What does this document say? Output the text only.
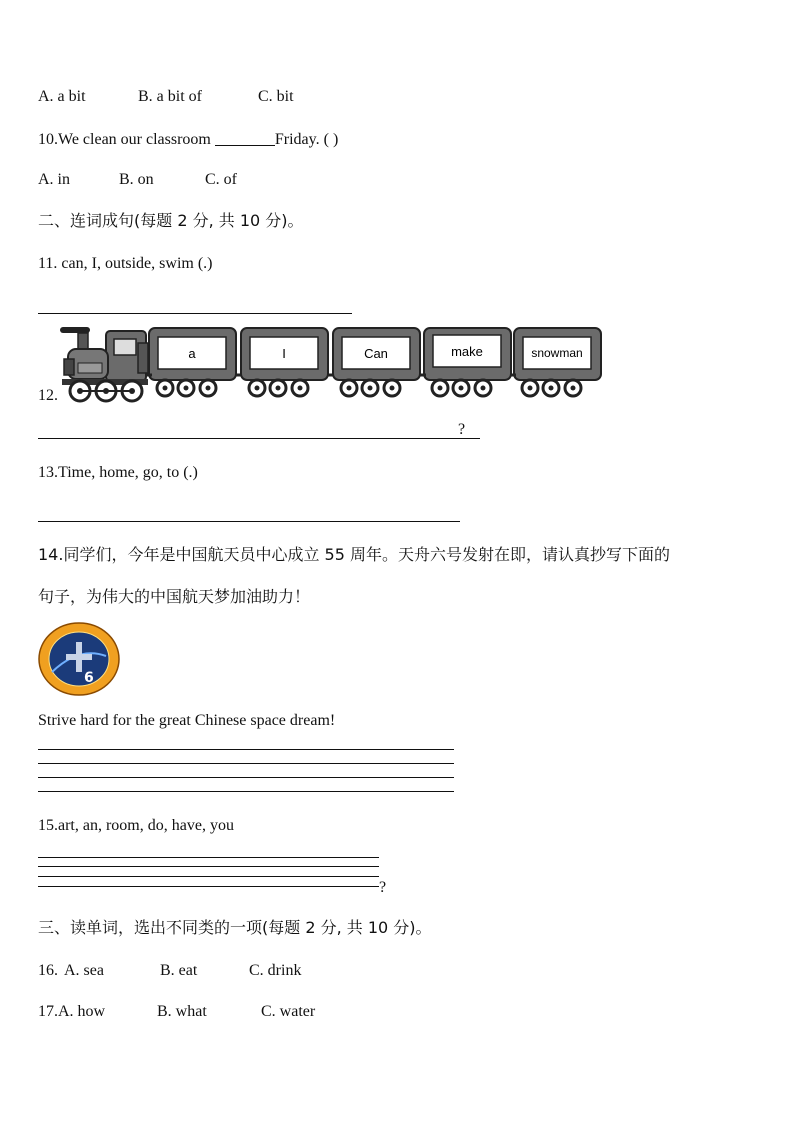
A. a bit	B. a bit of	C. bit
10.We clean our classroom	Friday. ( )
A. in	B. on	C. of
二、连词成句(每题 2 分, 共 10 分)。
11. can, I, outside, swim (.)
12.
a	I	Can	make	snowman
?
13.Time, home, go, to (.)
14.同学们，今年是中国航天员中心成立 55 周年。天舟六号发射在即，请认真抄写下面的
句子，为伟大的中国航天梦加油助力！
6
Strive hard for the great Chinese space dream!
15.art, an, room, do, have, you
?
三、读单词，选出不同类的一项(每题 2 分, 共 10 分)。
16. A. sea	B. eat	C. drink
17.A. how	B. what	C. water
